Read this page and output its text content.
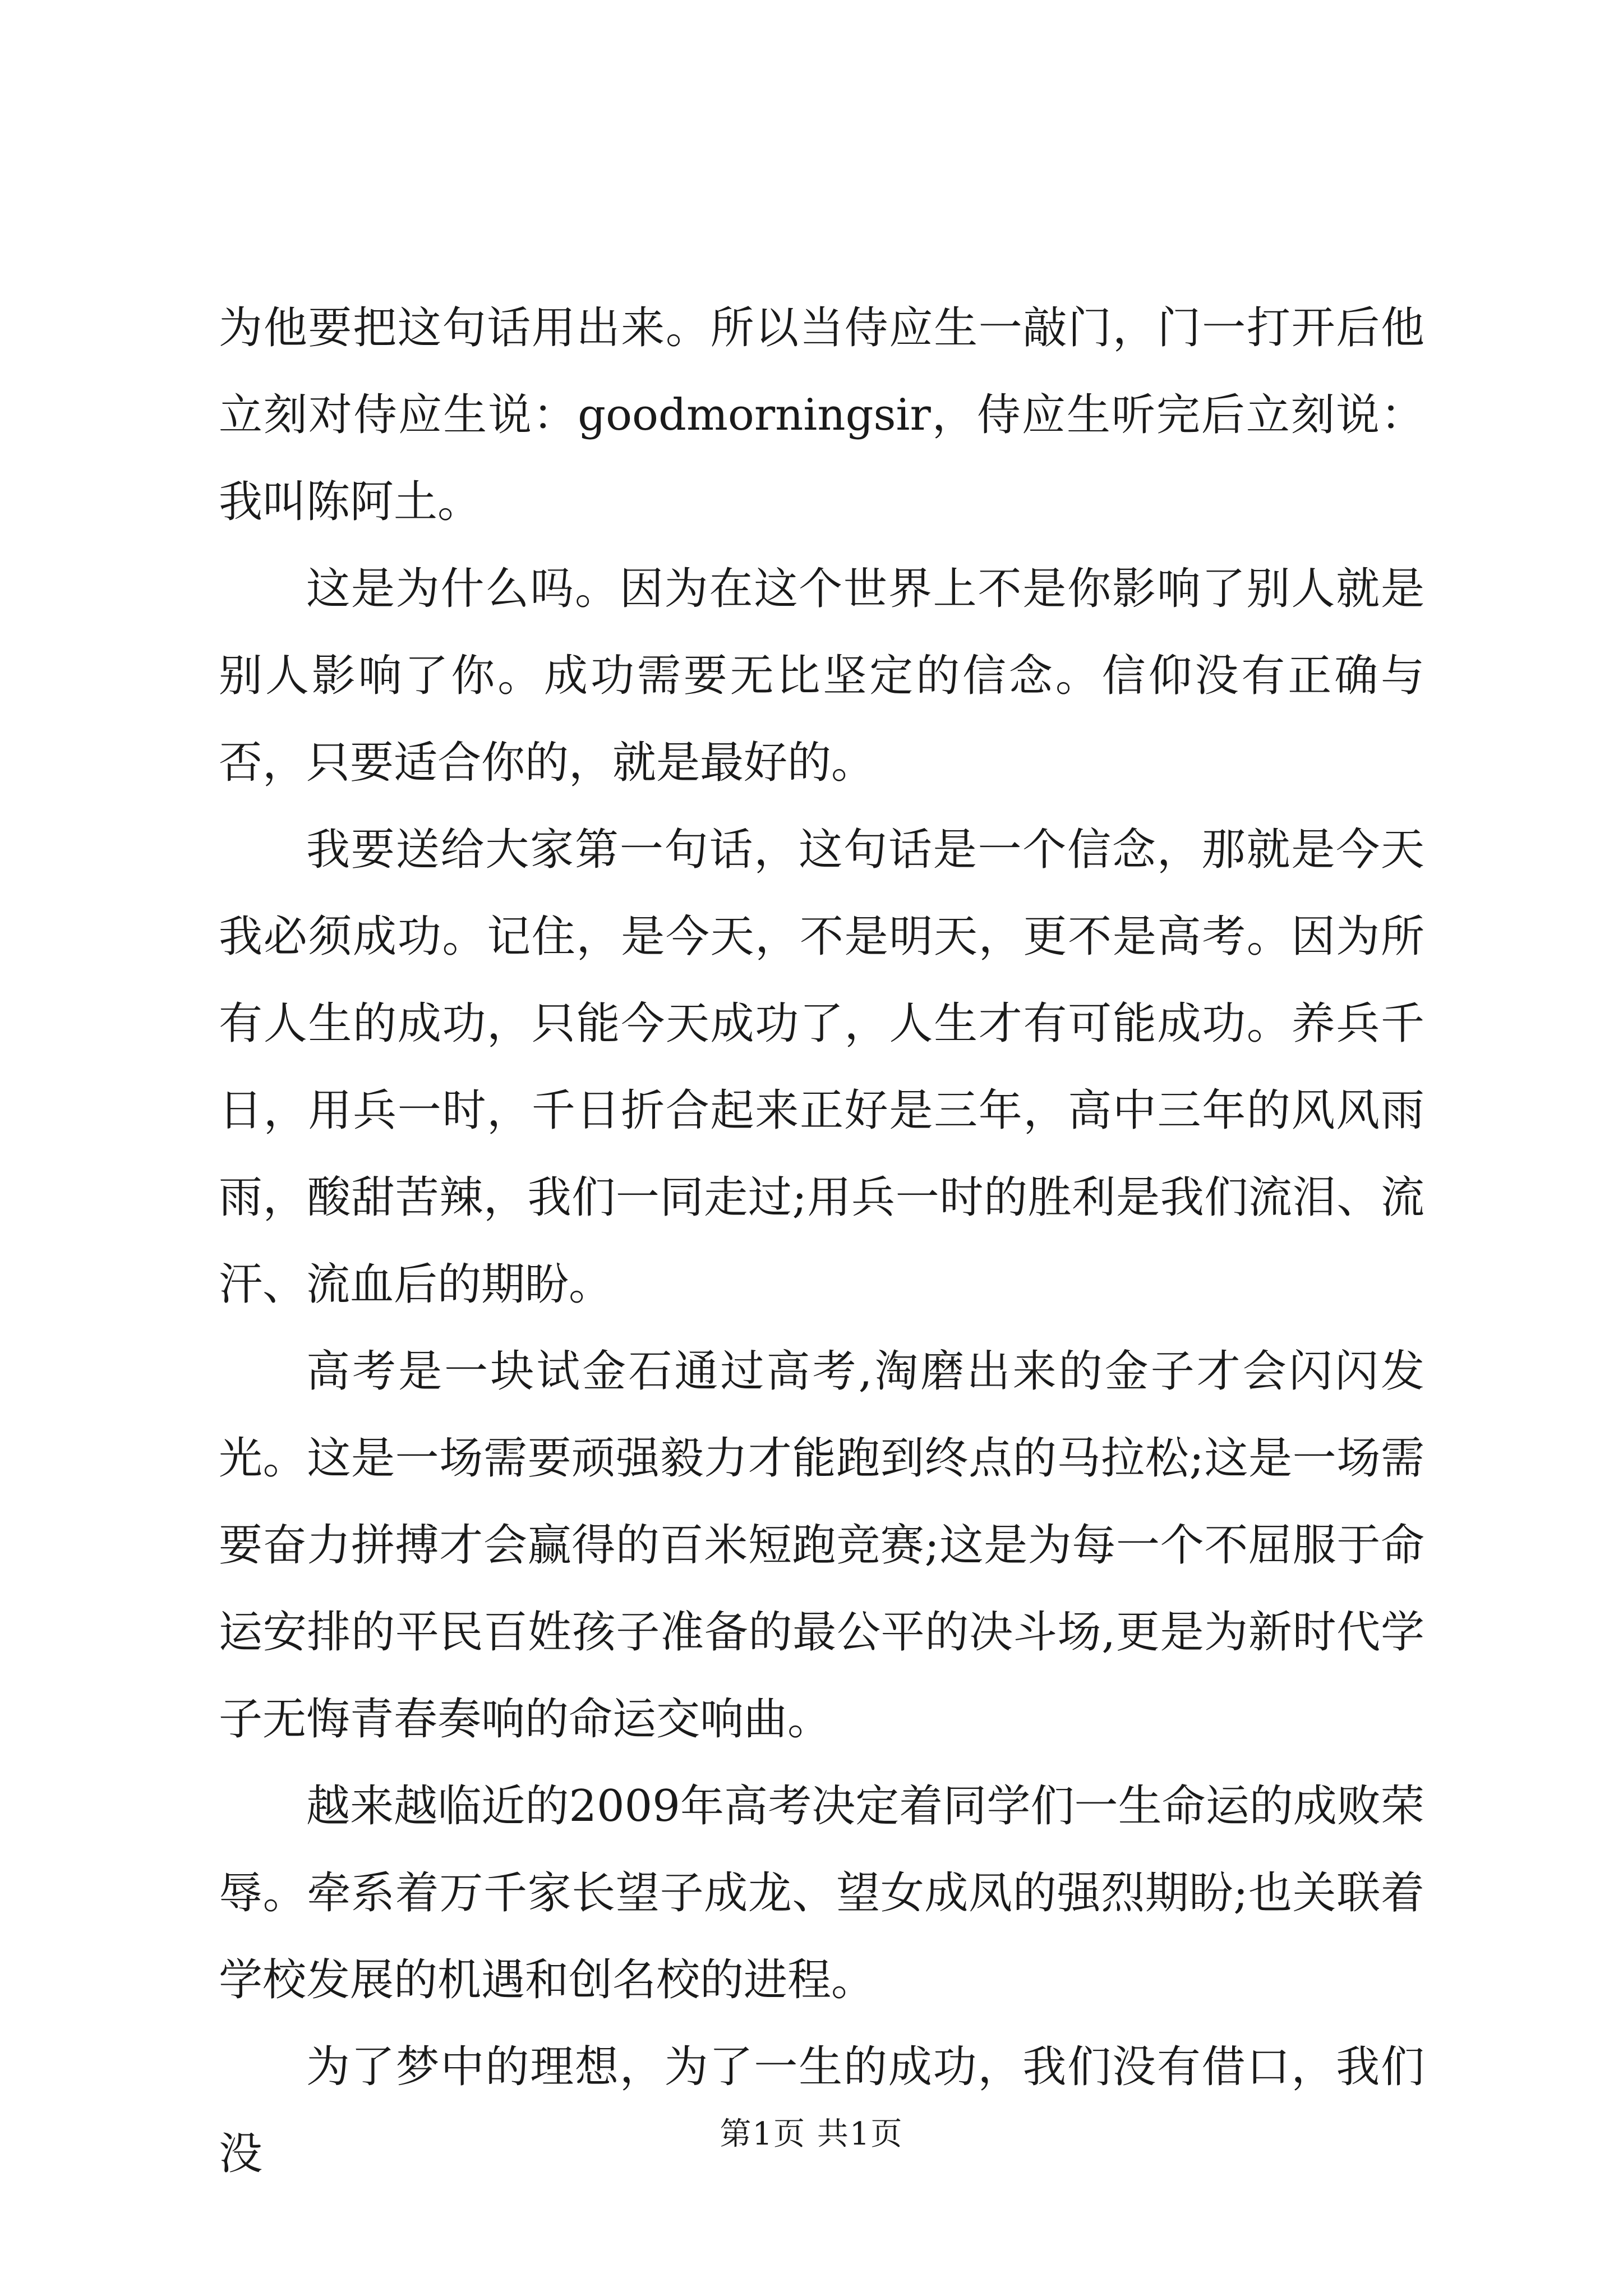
为他要把这句话用出来。所以当侍应生一敲门，门一打开后他立刻对侍应生说：goodmorningsir，侍应生听完后立刻说：我叫陈阿土。

这是为什么吗。因为在这个世界上不是你影响了别人就是别人影响了你。成功需要无比坚定的信念。信仰没有正确与否，只要适合你的，就是最好的。

我要送给大家第一句话，这句话是一个信念，那就是今天我必须成功。记住，是今天，不是明天，更不是高考。因为所有人生的成功，只能今天成功了，人生才有可能成功。养兵千日，用兵一时，千日折合起来正好是三年，高中三年的风风雨雨，酸甜苦辣，我们一同走过;用兵一时的胜利是我们流泪、流汗、流血后的期盼。

高考是一块试金石通过高考,淘磨出来的金子才会闪闪发光。这是一场需要顽强毅力才能跑到终点的马拉松;这是一场需要奋力拼搏才会赢得的百米短跑竞赛;这是为每一个不屈服于命运安排的平民百姓孩子准备的最公平的决斗场,更是为新时代学子无悔青春奏响的命运交响曲。

越来越临近的2009年高考决定着同学们一生命运的成败荣辱。牵系着万千家长望子成龙、望女成凤的强烈期盼;也关联着学校发展的机遇和创名校的进程。

为了梦中的理想，为了一生的成功，我们没有借口，我们没	第1页 共1页
